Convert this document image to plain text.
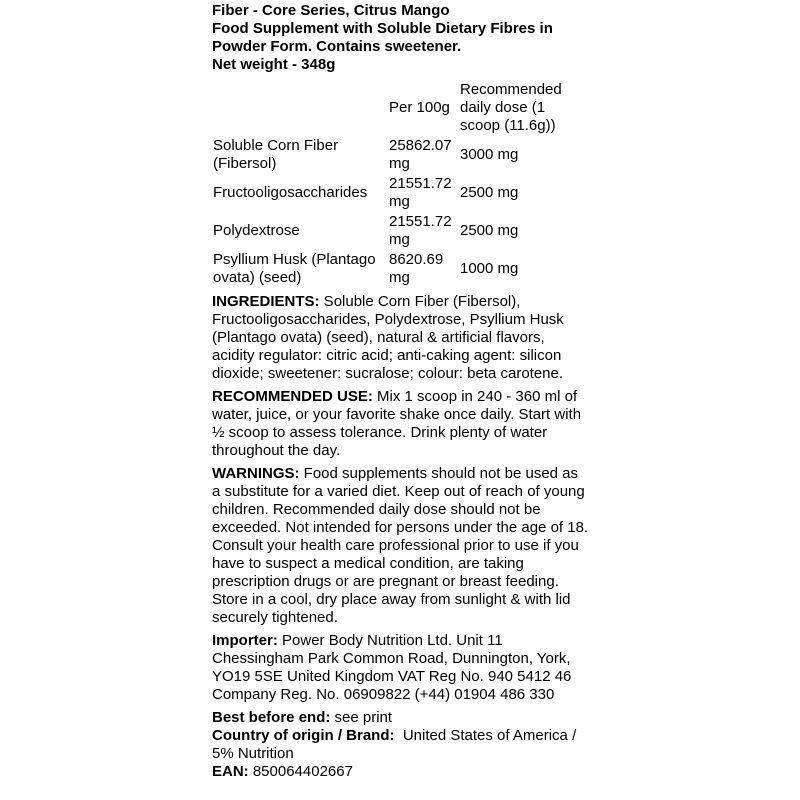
Fiber - Core Series, Citrus Mango
Food Supplement with Soluble Dietary Fibres in Powder Form. Contains sweetener.
Net weight - 348g
	Per 100g	Recommended daily dose (1 scoop (11.6g))
Soluble Corn Fiber (Fibersol)	25862.07 mg	3000 mg
Fructooligosaccharides	21551.72 mg	2500 mg
Polydextrose	21551.72 mg	2500 mg
Psyllium Husk (Plantago ovata) (seed)	8620.69 mg	1000 mg
INGREDIENTS: Soluble Corn Fiber (Fibersol), Fructooligosaccharides, Polydextrose, Psyllium Husk (Plantago ovata) (seed), natural & artificial flavors, acidity regulator: citric acid; anti-caking agent: silicon dioxide; sweetener: sucralose; colour: beta carotene.
RECOMMENDED USE: Mix 1 scoop in 240 - 360 ml of water, juice, or your favorite shake once daily. Start with ½ scoop to assess tolerance. Drink plenty of water throughout the day.
WARNINGS: Food supplements should not be used as a substitute for a varied diet. Keep out of reach of young children. Recommended daily dose should not be exceeded. Not intended for persons under the age of 18. Consult your health care professional prior to use if you have to suspect a medical condition, are taking prescription drugs or are pregnant or breast feeding. Store in a cool, dry place away from sunlight & with lid securely tightened.
Importer: Power Body Nutrition Ltd. Unit 11 Chessingham Park Common Road, Dunnington, York, YO19 5SE United Kingdom VAT Reg No. 940 5412 46 Company Reg. No. 06909822 (+44) 01904 486 330
Best before end: see print
Country of origin / Brand:  United States of America / 5% Nutrition
EAN: 850064402667
